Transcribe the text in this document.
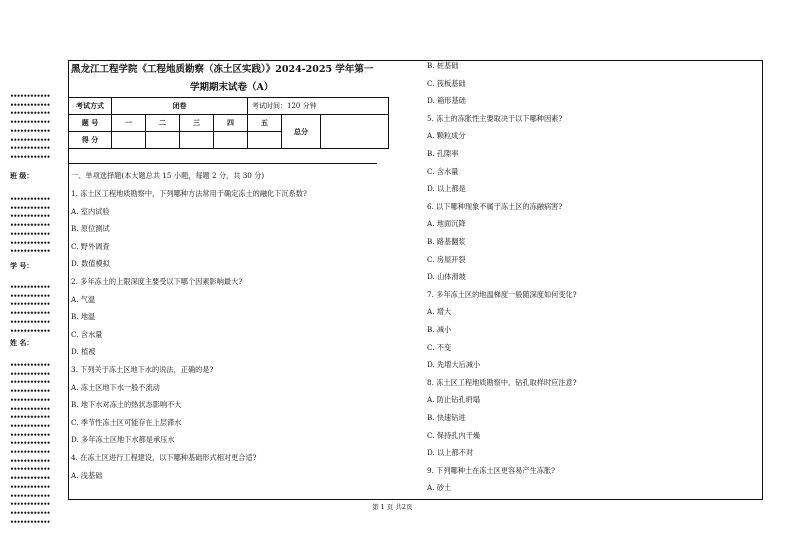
••••••••••••
••••••••••••
••••••••••••
••••••••••••
••••••••••••
••••••••••••
••••••••••••
••••••••••••
••••••••••••
••••••••••••
••••••••••••
••••••••••••
••••••••••••
••••••••••••
••••••••••••
••••••••••••
••••••••••••
••••••••••••
••••••••••••
••••••••••••
••••••••••••
••••••••••••
••••••••••••
••••••••••••
••••••••••••
••••••••••••
••••••••••••
••••••••••••
••••••••••••
••••••••••••
••••••••••••
••••••••••••
••••••••••••
••••••••••••
••••••••••••
••••••••••••
••••••••••••
••••••••••••
••••••••••••
••••••••••••
班 级：
学 号：
姓 名：
黑龙江工程学院《工程地质勘察（冻土区实践）》2024-2025 学年第一
学期期末试卷（A）
考试方式	闭卷				考试时间：120 分钟		
题 号	一	二	三	四	五	总分	
得 分							
一、单项选择题(本大题总共 15 小题，每题 2 分，共 30 分)
第 1 页 共2页
1. 冻土区工程地质勘察中，下列哪种方法常用于确定冻土的融化下沉系数?
A. 室内试验
B. 原位测试
C. 野外调查
D. 数值模拟
2. 多年冻土的上限深度主要受以下哪个因素影响最大?
A. 气温
B. 地温
C. 含水量
D. 植被
3. 下列关于冻土区地下水的说法，正确的是?
A. 冻土区地下水一般不流动
B. 地下水对冻土的热状态影响不大
C. 季节性冻土区可能存在上层滞水
D. 多年冻土区地下水都是承压水
4. 在冻土区进行工程建设，以下哪种基础形式相对更合适?
A. 浅基础
B. 桩基础
C. 筏板基础
D. 箱形基础
5. 冻土的冻胀性主要取决于以下哪种因素?
A. 颗粒成分
B. 孔隙率
C. 含水量
D. 以上都是
6. 以下哪种现象不属于冻土区的冻融病害?
A. 地面沉降
B. 路基翻浆
C. 房屋开裂
D. 山体滑坡
7. 多年冻土区的地温梯度一般随深度如何变化?
A. 增大
B. 减小
C. 不变
D. 先增大后减小
8. 冻土区工程地质勘察中，钻孔取样时应注意?
A. 防止钻孔坍塌
B. 快速钻进
C. 保持孔内干燥
D. 以上都不对
9. 下列哪种土在冻土区更容易产生冻胀?
A. 砂土
